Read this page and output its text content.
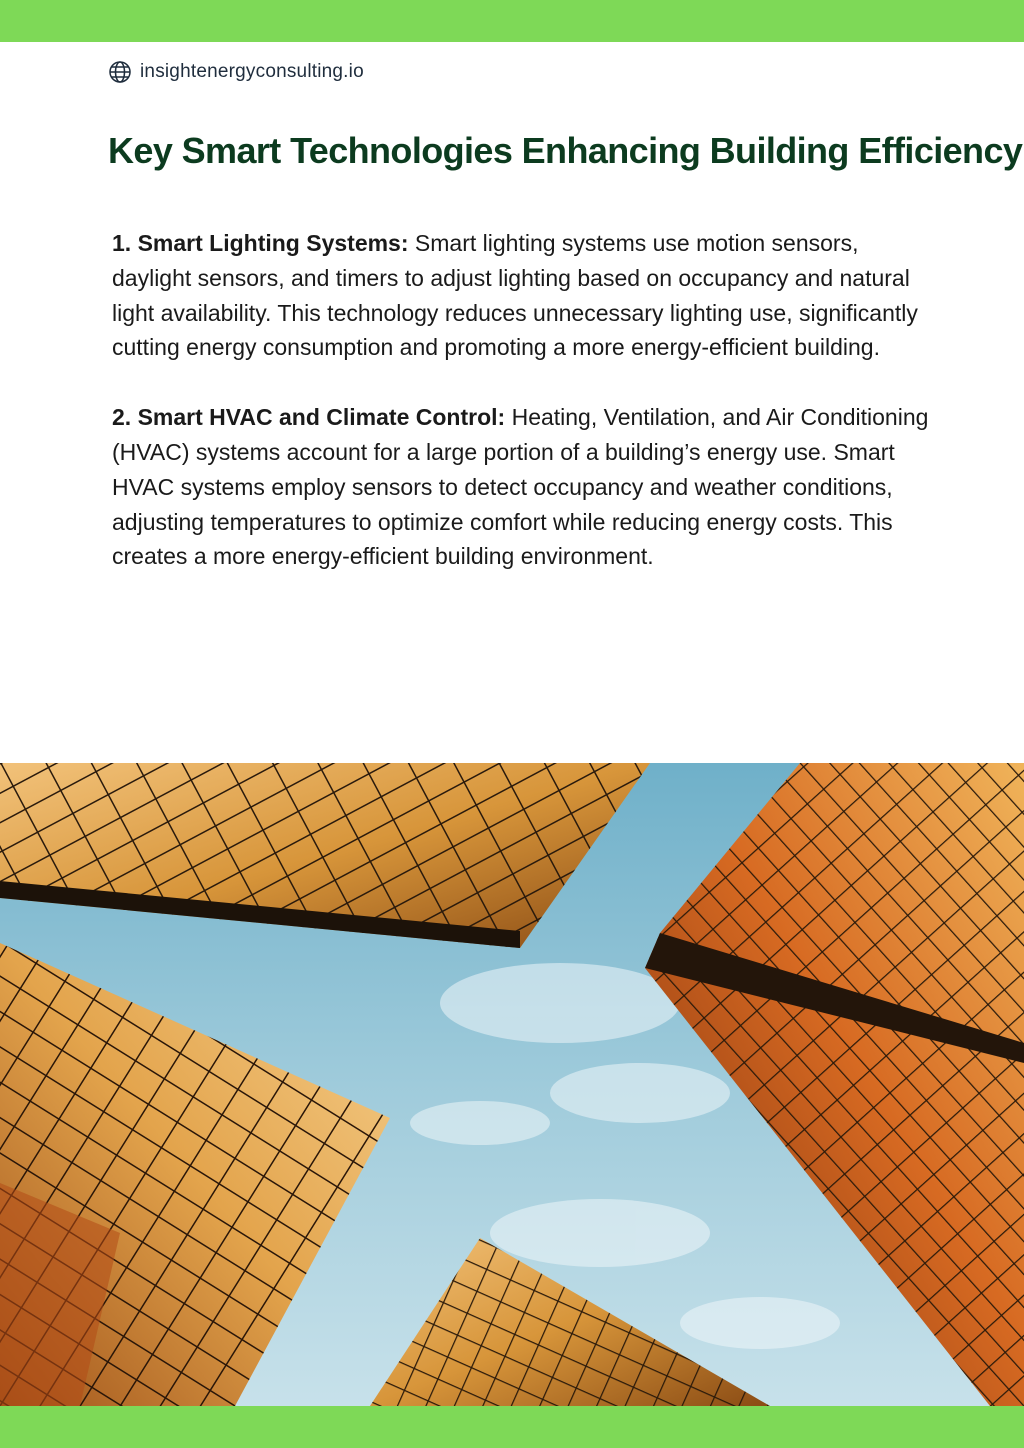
insightenergyconsulting.io
Key Smart Technologies Enhancing Building Efficiency

1. Smart Lighting Systems: Smart lighting systems use motion sensors, daylight sensors, and timers to adjust lighting based on occupancy and natural light availability. This technology reduces unnecessary lighting use, significantly cutting energy consumption and promoting a more energy-efficient building.

2. Smart HVAC and Climate Control: Heating, Ventilation, and Air Conditioning (HVAC) systems account for a large portion of a building’s energy use. Smart HVAC systems employ sensors to detect occupancy and weather conditions, adjusting temperatures to optimize comfort while reducing energy costs. This creates a more energy-efficient building environment.
